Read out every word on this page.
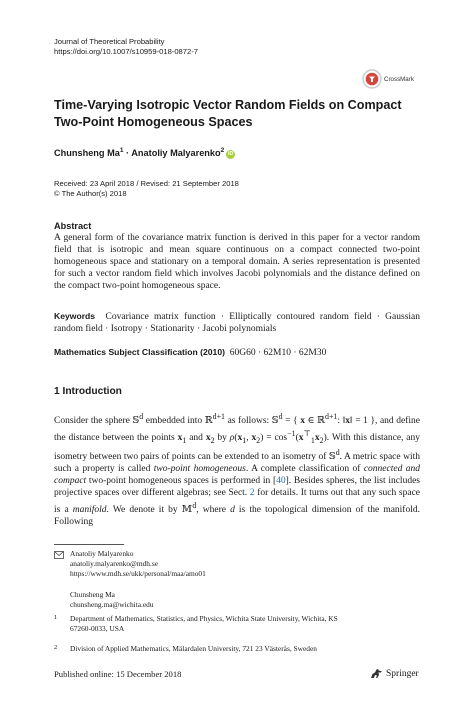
Journal of Theoretical Probability
https://doi.org/10.1007/s10959-018-0872-7
CrossMark
Time-Varying Isotropic Vector Random Fields on Compact
Two-Point Homogeneous Spaces
Chunsheng $Ma^1$ · Anatoliy Malyarenko$^2$iD
Received: 23 April 2018 / Revised: 21 September 2018
© The Author(s) 2018
Abstract
A general form of the covariance matrix function is derived in this paper for a vector random field that is isotropic and mean square continuous on a compact connected two-point homogeneous space and stationary on a temporal domain. A series representation is presented for such a vector random field which involves Jacobi polynomials and the distance defined on the compact two-point homogeneous space.
Keywords Covariance matrix function · Elliptically contoured random field · Gaussian random field · Isotropy · Stationarity · Jacobi polynomials
Mathematics Subject Classification (2010) 60G60 · 62M10 · 62M30
1 Introduction
Consider the sphere 𝕊$^d$ embedded into ℝ$^{d+1}$ as follows: 𝕊$^d$ = { x ∈ ℝ$^{d+1}$: ‖x‖ = 1 }, and define the distance between the points $x_1$ and $x_2$ by $\rho(x_1$, $x_2) = \cos^{-1}(x^⊤_1x_2)$. With this distance, any isometry between two pairs of points can be extended to an isometry of 𝕊$^d$. A metric space with such a property is called two-point homogeneous. A complete classification of connected and compact two-point homogeneous spaces is performed in [40]. Besides spheres, the list includes projective spaces over different algebras; see Sect. 2 for details. It turns out that any such space is a manifold. We denote it by 𝕄$^d$, where d is the topological dimension of the manifold. Following
Anatoliy Malyarenko
anatoliy.malyarenko@mdh.se
https://www.mdh.se/ukk/personal/maa/amo01
Chunsheng Ma
chunsheng.ma@wichita.edu
1 Department of Mathematics, Statistics, and Physics, Wichita State University, Wichita, KS
67260-0033, USA
2 Division of Applied Mathematics, Mälardalen University, 721 23 Västerås, Sweden
Published online: 15 December 2018	Springer
